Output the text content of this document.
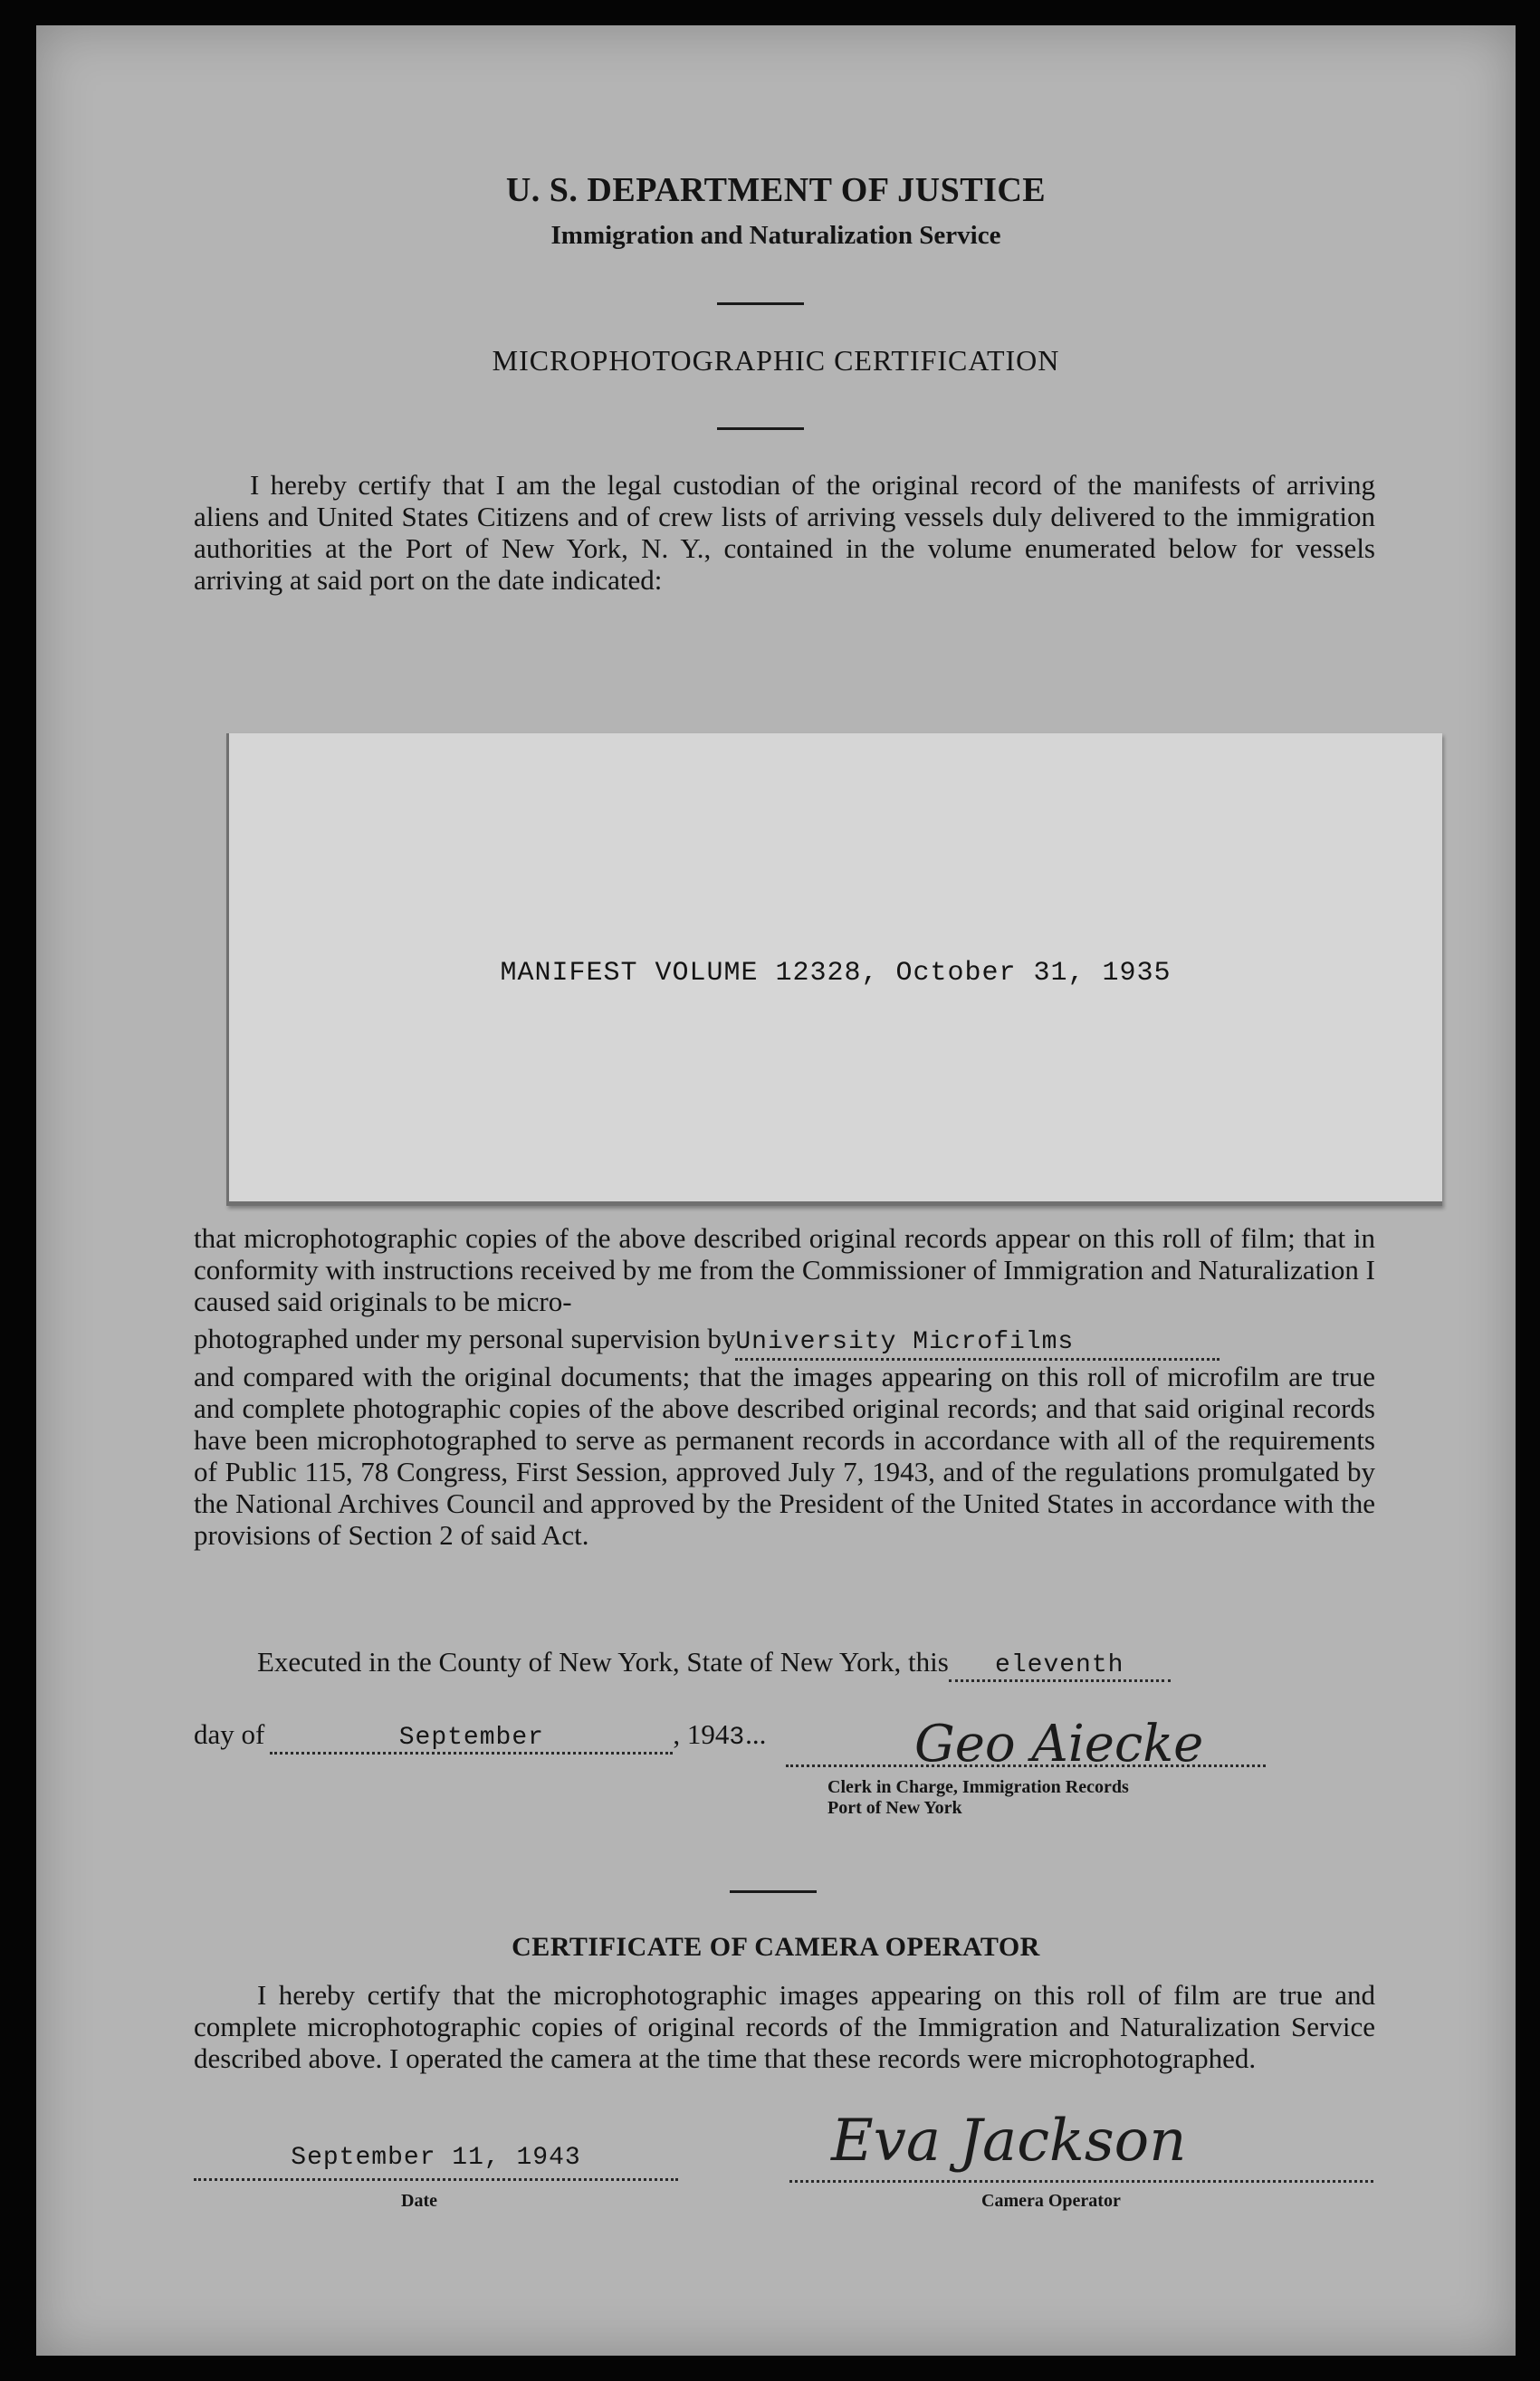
U. S. DEPARTMENT OF JUSTICE
Immigration and Naturalization Service
MICROPHOTOGRAPHIC CERTIFICATION

I hereby certify that I am the legal custodian of the original record of the manifests of arriving aliens and United States Citizens and of crew lists of arriving vessels duly delivered to the immigration authorities at the Port of New York, N. Y., contained in the volume enumerated below for vessels arriving at said port on the date indicated:

MANIFEST VOLUME 12328, October 31, 1935

that microphotographic copies of the above described original records appear on this roll of film; that in conformity with instructions received by me from the Commissioner of Immigration and Naturalization I caused said originals to be micro-

photographed under my personal supervision byUniversity Microfilms

and compared with the original documents; that the images appearing on this roll of microfilm are true and complete photographic copies of the above described original records; and that said original records have been microphotographed to serve as permanent records in accordance with all of the requirements of Public 115, 78 Congress, First Session, approved July 7, 1943, and of the regulations promulgated by the National Archives Council and approved by the President of the United States in accordance with the provisions of Section 2 of said Act.

Executed in the County of New York, State of New York, this eleventh
day of	September	, 1943...	Geo Aiecke
Clerk in Charge, Immigration Records
Port of New York
CERTIFICATE OF CAMERA OPERATOR

I hereby certify that the microphotographic images appearing on this roll of film are true and complete microphotographic copies of original records of the Immigration and Naturalization Service described above. I operated the camera at the time that these records were microphotographed.

September 11, 1943
Date
Eva Jackson
Camera Operator
